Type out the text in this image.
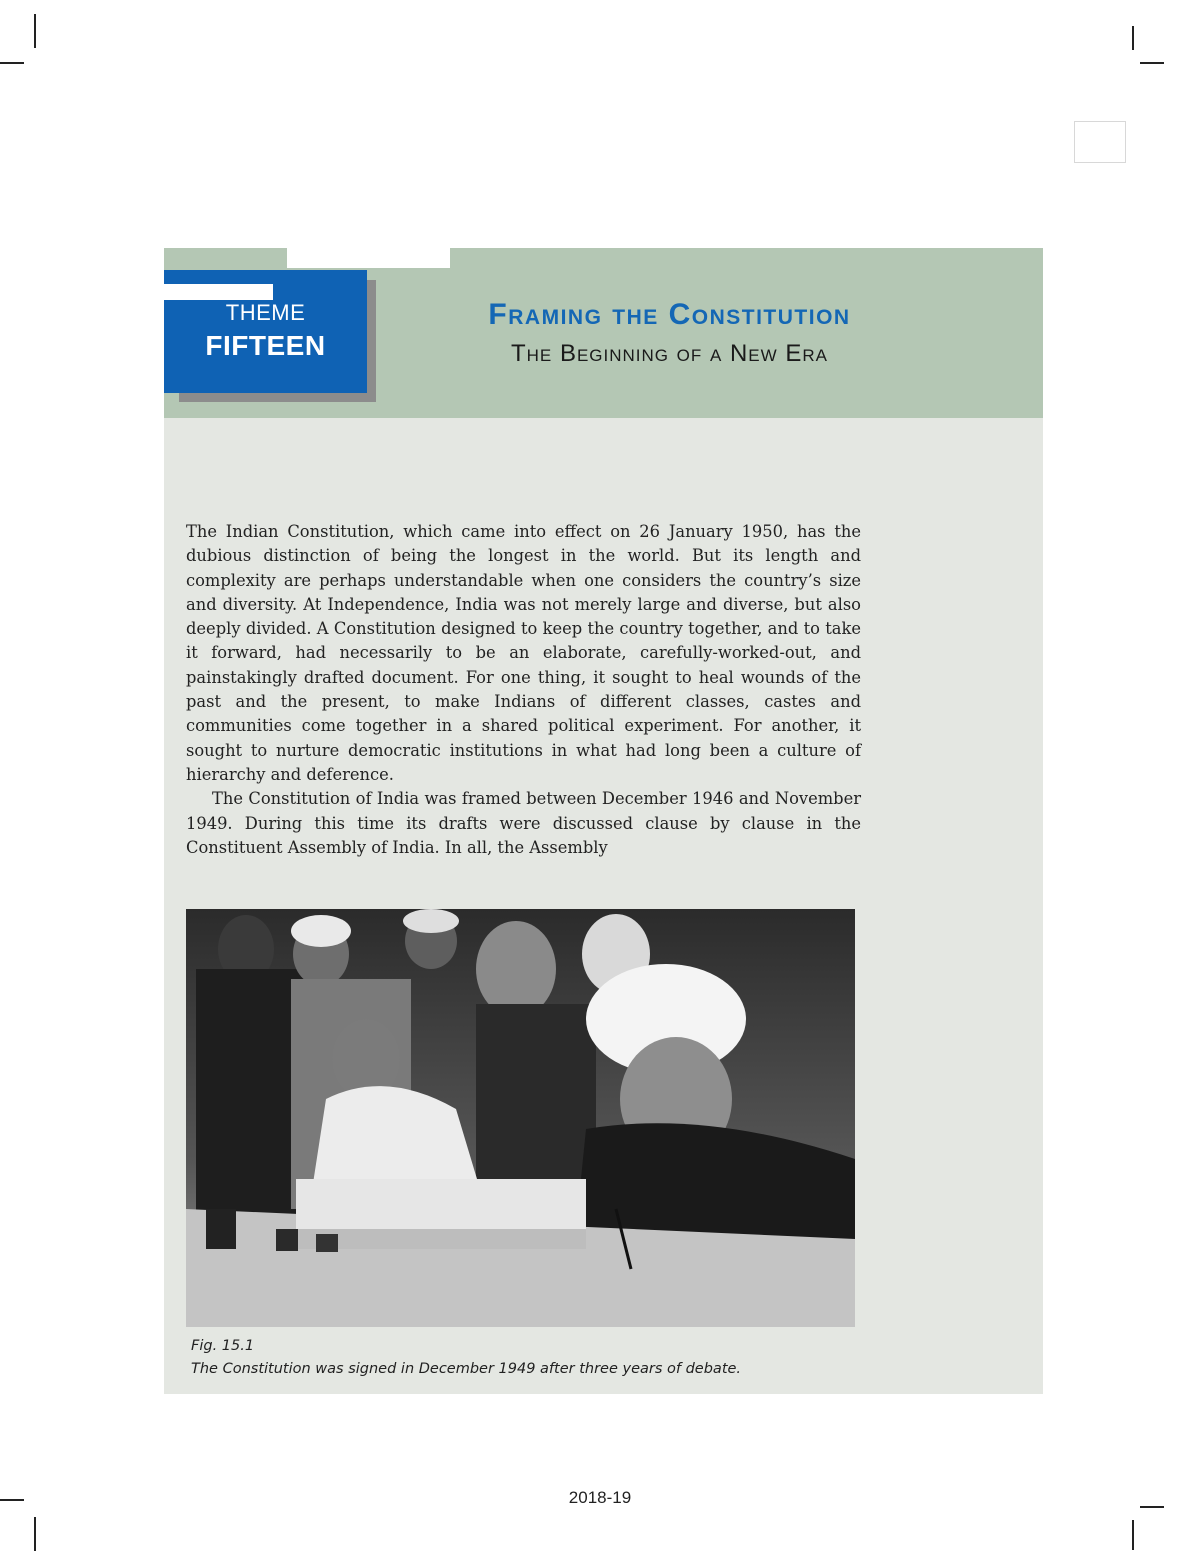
THEME
FIFTEEN
Framing the Constitution
The Beginning of a New Era

The Indian Constitution, which came into effect on 26 January 1950, has the dubious distinction of being the longest in the world. But its length and complexity are perhaps understandable when one considers the country’s size and diversity. At Independence, India was not merely large and diverse, but also deeply divided. A Constitution designed to keep the country together, and to take it forward, had necessarily to be an elaborate, carefully-worked-out, and painstakingly drafted document. For one thing, it sought to heal wounds of the past and the present, to make Indians of different classes, castes and communities come together in a shared political experiment. For another, it sought to nurture democratic institutions in what had long been a culture of hierarchy and deference.

The Constitution of India was framed between December 1946 and November 1949. During this time its drafts were discussed clause by clause in the Constituent Assembly of India. In all, the Assembly

Fig. 15.1
The Constitution was signed in December 1949 after three years of debate.
2018-19
